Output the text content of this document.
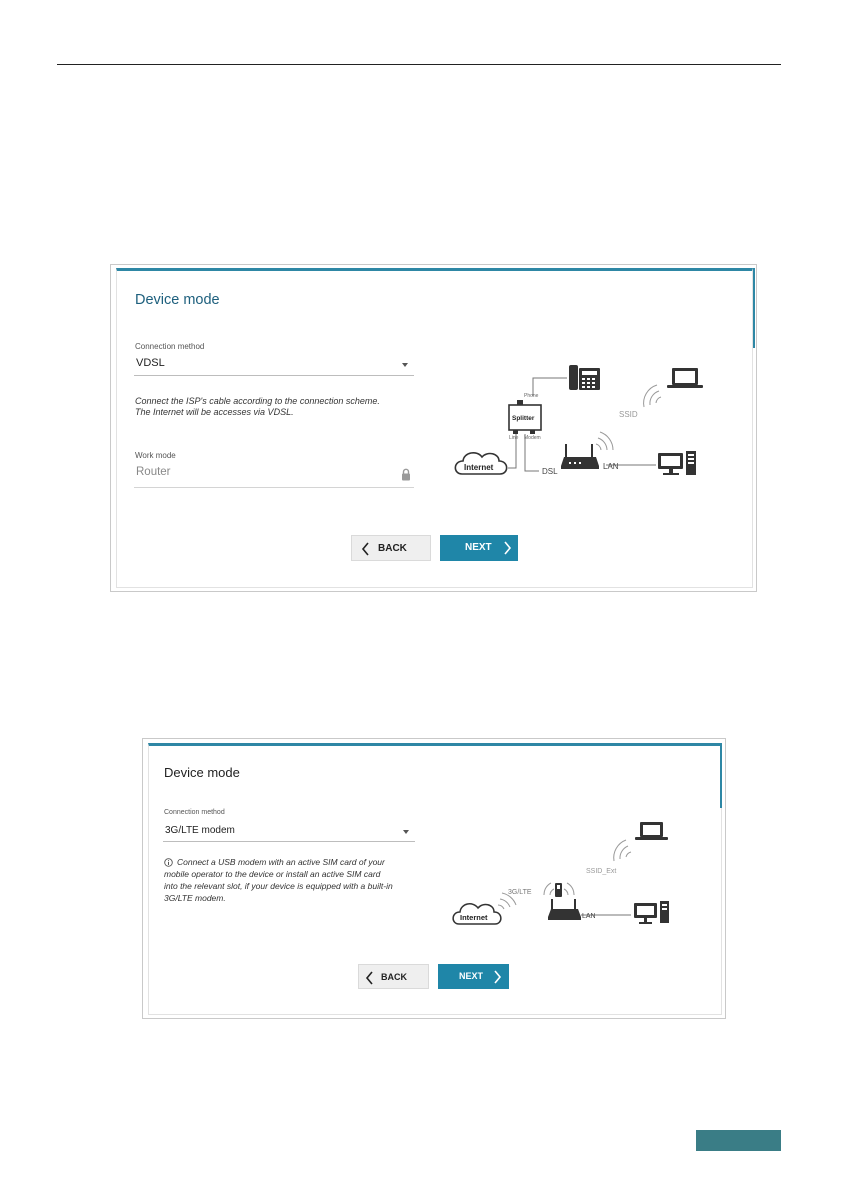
Device mode
Connection method
VDSL
Connect the ISP's cable according to the connection scheme.
The Internet will be accesses via VDSL.
Work mode
Router
BACK	NEXT
Phone
Splitter
Line Modem
Internet	DSL
LAN
SSID
Device mode
Connection method
3G/LTE modem
Connect a USB modem with an active SIM card of your
mobile operator to the device or install an active SIM card
into the relevant slot, if your device is equipped with a built-in
3G/LTE modem.
BACK	NEXT
Internet
3G/LTE
LAN
SSID_Ext
